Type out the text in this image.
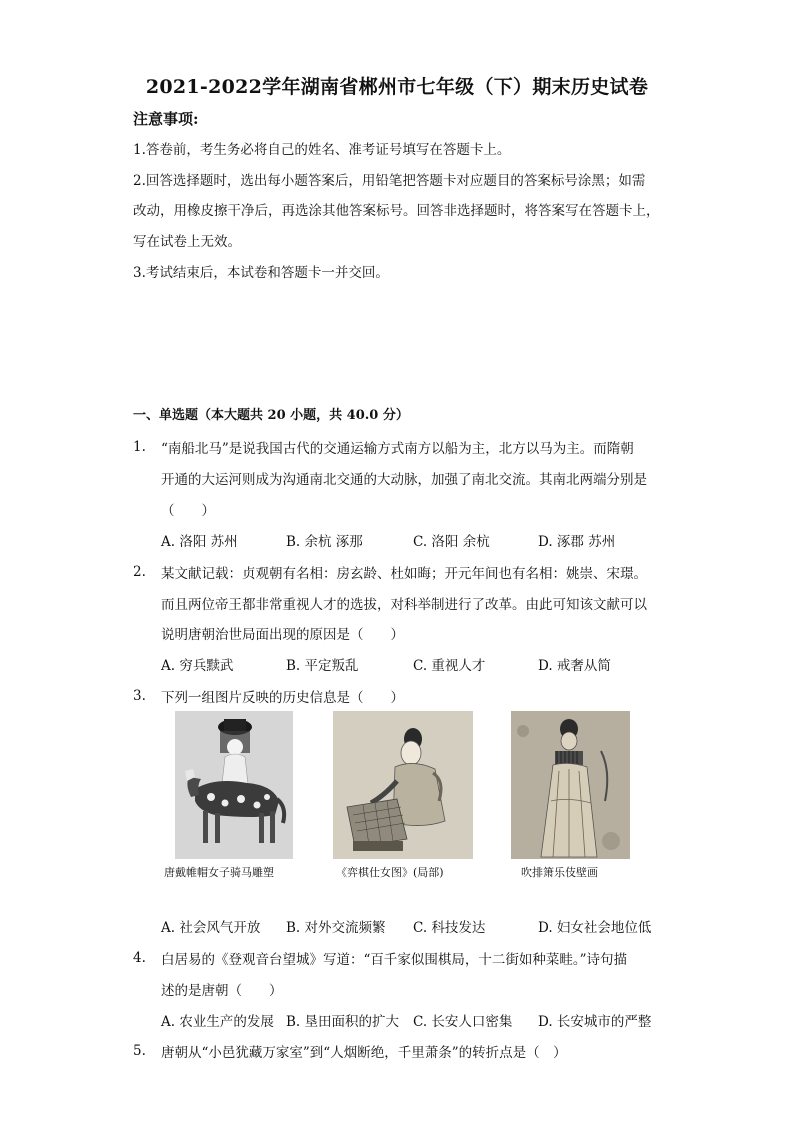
2021-2022学年湖南省郴州市七年级（下）期末历史试卷
注意事项:
1.答卷前，考生务必将自己的姓名、准考证号填写在答题卡上。
2.回答选择题时，选出每小题答案后，用铅笔把答题卡对应题目的答案标号涂黑；如需
改动，用橡皮擦干净后，再选涂其他答案标号。回答非选择题时，将答案写在答题卡上，
写在试卷上无效。
3.考试结束后，本试卷和答题卡一并交回。
一、单选题（本大题共 20 小题，共 40.0 分）
1. “南船北马”是说我国古代的交通运输方式南方以船为主，北方以马为主。而隋朝
开通的大运河则成为沟通南北交通的大动脉，加强了南北交流。其南北两端分别是
（　　）
A. 洛阳 苏州	B. 余杭 涿那	C. 洛阳 余杭	D. 涿郡 苏州
2. 某文献记载：贞观朝有名相：房玄龄、杜如晦；开元年间也有名相：姚崇、宋璟。
而且两位帝王都非常重视人才的选拔，对科举制进行了改革。由此可知该文献可以
说明唐朝治世局面出现的原因是（　　）
A. 穷兵黩武	B. 平定叛乱	C. 重视人才	D. 戒奢从简
3. 下列一组图片反映的历史信息是（　　）
唐戴帷帽女子骑马雕塑	《弈棋仕女图》(局部)	吹排箫乐伎壁画
A. 社会风气开放 B. 对外交流频繁 C. 科技发达	D. 妇女社会地位低
4. 白居易的《登观音台望城》写道：“百千家似围棋局，十二街如种菜畦。”诗句描
述的是唐朝（　　）
A. 农业生产的发展 B. 垦田面积的扩大 C. 长安人口密集 D. 长安城市的严整
5. 唐朝从“小邑犹藏万家室”到“人烟断绝，千里萧条”的转折点是（　）
